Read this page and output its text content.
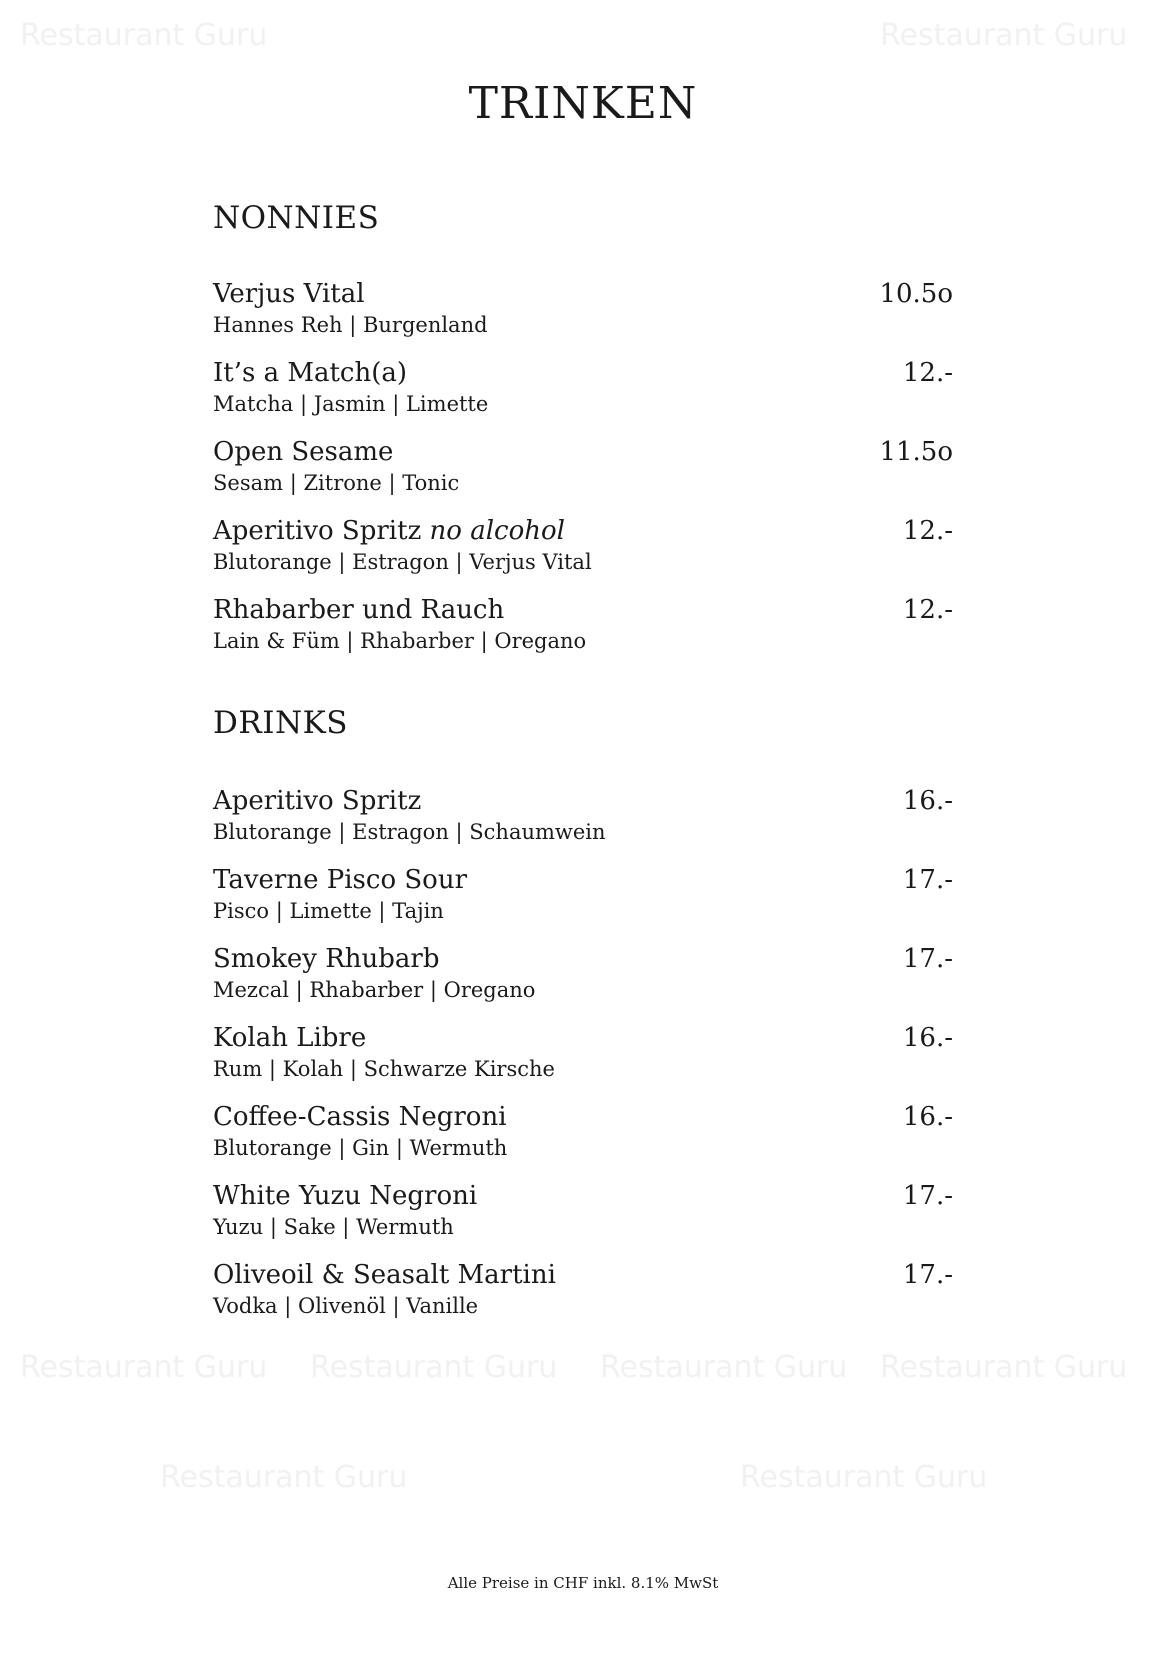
Restaurant Guru	Restaurant Guru
Restaurant Guru Restaurant Guru Restaurant Guru Restaurant Guru
Restaurant Guru	Restaurant Guru
TRINKEN
NONNIES
Verjus Vital
Hannes Reh | Burgenland
10.5o
It’s a Match(a)
Matcha | Jasmin | Limette
12.-
Open Sesame
Sesam | Zitrone | Tonic
11.5o
Aperitivo Spritz no alcohol
Blutorange | Estragon | Verjus Vital
12.-
Rhabarber und Rauch
Lain & Füm | Rhabarber | Oregano
12.-
DRINKS
Aperitivo Spritz
Blutorange | Estragon | Schaumwein
16.-
Taverne Pisco Sour
Pisco | Limette | Tajin
17.-
Smokey Rhubarb
Mezcal | Rhabarber | Oregano
17.-
Kolah Libre
Rum | Kolah | Schwarze Kirsche
16.-
Coffee-Cassis Negroni
Blutorange | Gin | Wermuth
16.-
White Yuzu Negroni
Yuzu | Sake | Wermuth
17.-
Oliveoil & Seasalt Martini
Vodka | Olivenöl | Vanille
17.-
Alle Preise in CHF inkl. 8.1% MwSt
